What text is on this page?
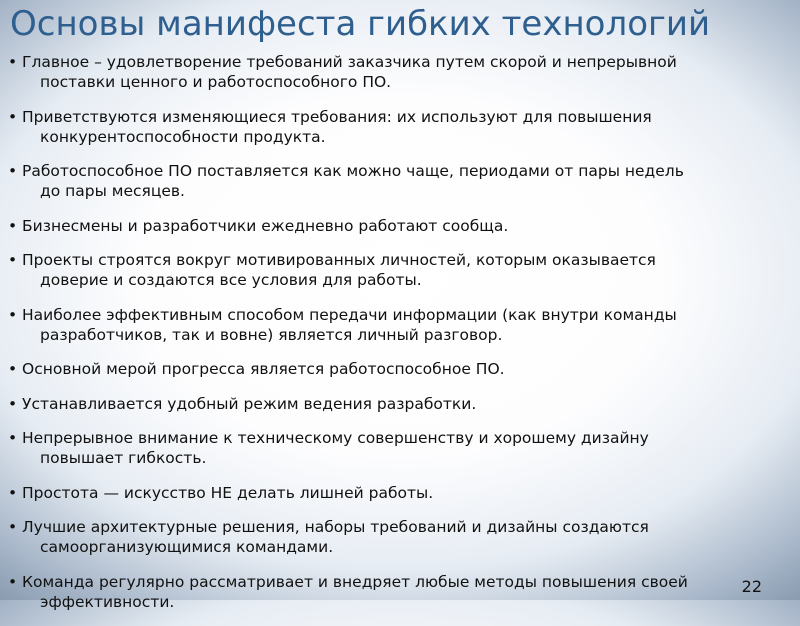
Основы манифеста гибких технологий
• Главное – удовлетворение требований заказчика путем скорой и непрерывной
поставки ценного и работоспособного ПО.
• Приветствуются изменяющиеся требования: их используют для повышения
конкурентоспособности продукта.
• Работоспособное ПО поставляется как можно чаще, периодами от пары недель
до пары месяцев.
• Бизнесмены и разработчики ежедневно работают сообща.
• Проекты строятся вокруг мотивированных личностей, которым оказывается
доверие и создаются все условия для работы.
• Наиболее эффективным способом передачи информации (как внутри команды
разработчиков, так и вовне) является личный разговор.
• Основной мерой прогресса является работоспособное ПО.
• Устанавливается удобный режим ведения разработки.
• Непрерывное внимание к техническому совершенству и хорошему дизайну
повышает гибкость.
• Простота — искусство НЕ делать лишней работы.
• Лучшие архитектурные решения, наборы требований и дизайны создаются
самоорганизующимися командами.
• Команда регулярно рассматривает и внедряет любые методы повышения своей
эффективности.
22
